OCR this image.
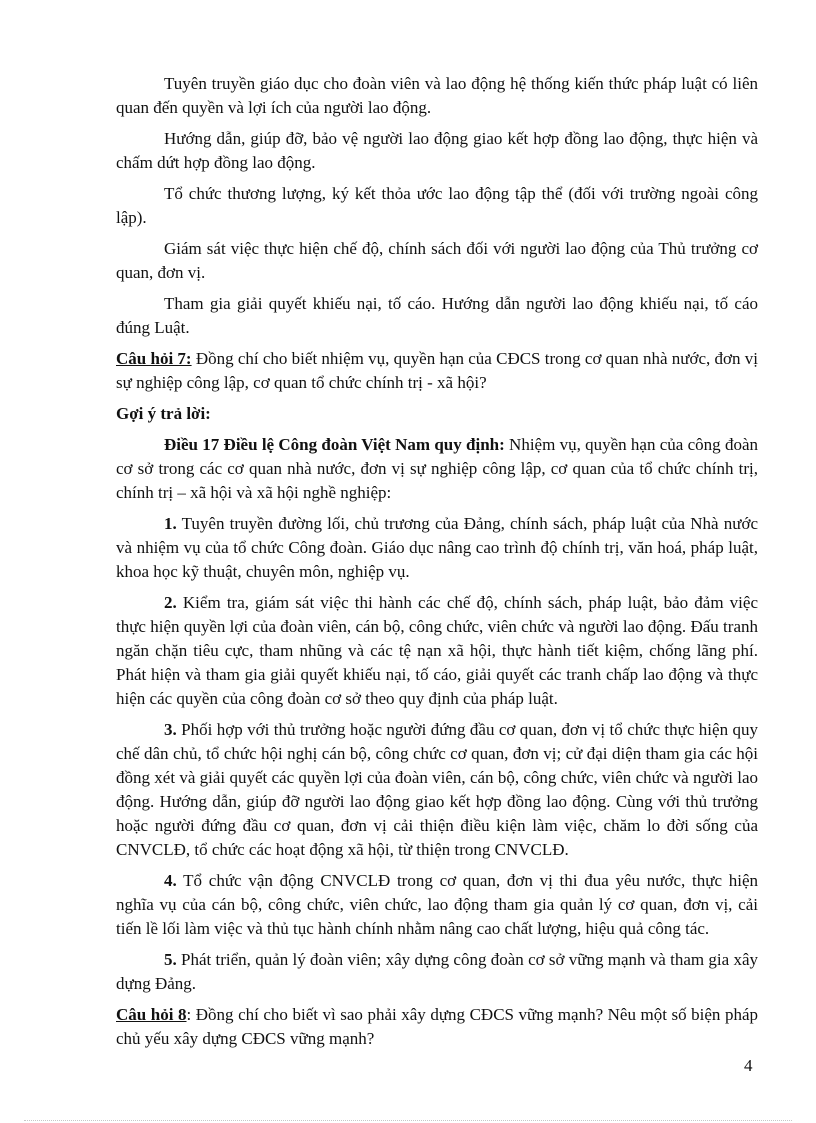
Tuyên truyền giáo dục cho đoàn viên và lao động hệ thống kiến thức pháp luật có liên quan đến quyền và lợi ích của người lao động.

Hướng dẫn, giúp đỡ, bảo vệ người lao động giao kết hợp đồng lao động, thực hiện và chấm dứt hợp đồng lao động.

Tổ chức thương lượng, ký kết thỏa ước lao động tập thể (đối với trường ngoài công lập).

Giám sát việc thực hiện chế độ, chính sách đối với người lao động của Thủ trưởng cơ quan, đơn vị.

Tham gia giải quyết khiếu nại, tố cáo. Hướng dẫn người lao động khiếu nại, tố cáo đúng Luật.

Câu hỏi 7: Đồng chí cho biết nhiệm vụ, quyền hạn của CĐCS trong cơ quan nhà nước, đơn vị sự nghiệp công lập, cơ quan tổ chức chính trị - xã hội?

Gợi ý trả lời:

Điều 17 Điều lệ Công đoàn Việt Nam quy định: Nhiệm vụ, quyền hạn của công đoàn cơ sở trong các cơ quan nhà nước, đơn vị sự nghiệp công lập, cơ quan của tổ chức chính trị, chính trị – xã hội và xã hội nghề nghiệp:

1. Tuyên truyền đường lối, chủ trương của Đảng, chính sách, pháp luật của Nhà nước và nhiệm vụ của tổ chức Công đoàn. Giáo dục nâng cao trình độ chính trị, văn hoá, pháp luật, khoa học kỹ thuật, chuyên môn, nghiệp vụ.

2. Kiểm tra, giám sát việc thi hành các chế độ, chính sách, pháp luật, bảo đảm việc thực hiện quyền lợi của đoàn viên, cán bộ, công chức, viên chức và người lao động. Đấu tranh ngăn chặn tiêu cực, tham nhũng và các tệ nạn xã hội, thực hành tiết kiệm, chống lãng phí. Phát hiện và tham gia giải quyết khiếu nại, tố cáo, giải quyết các tranh chấp lao động và thực hiện các quyền của công đoàn cơ sở theo quy định của pháp luật.

3. Phối hợp với thủ trưởng hoặc người đứng đầu cơ quan, đơn vị tổ chức thực hiện quy chế dân chủ, tổ chức hội nghị cán bộ, công chức cơ quan, đơn vị; cử đại diện tham gia các hội đồng xét và giải quyết các quyền lợi của đoàn viên, cán bộ, công chức, viên chức và người lao động. Hướng dẫn, giúp đỡ người lao động giao kết hợp đồng lao động. Cùng với thủ trưởng hoặc người đứng đầu cơ quan, đơn vị cải thiện điều kiện làm việc, chăm lo đời sống của CNVCLĐ, tổ chức các hoạt động xã hội, từ thiện trong CNVCLĐ.

4. Tổ chức vận động CNVCLĐ trong cơ quan, đơn vị thi đua yêu nước, thực hiện nghĩa vụ của cán bộ, công chức, viên chức, lao động tham gia quản lý cơ quan, đơn vị, cải tiến lề lối làm việc và thủ tục hành chính nhằm nâng cao chất lượng, hiệu quả công tác.

5. Phát triển, quản lý đoàn viên; xây dựng công đoàn cơ sở vững mạnh và tham gia xây dựng Đảng.

Câu hỏi 8: Đồng chí cho biết vì sao phải xây dựng CĐCS vững mạnh? Nêu một số biện pháp chủ yếu xây dựng CĐCS vững mạnh?

4
